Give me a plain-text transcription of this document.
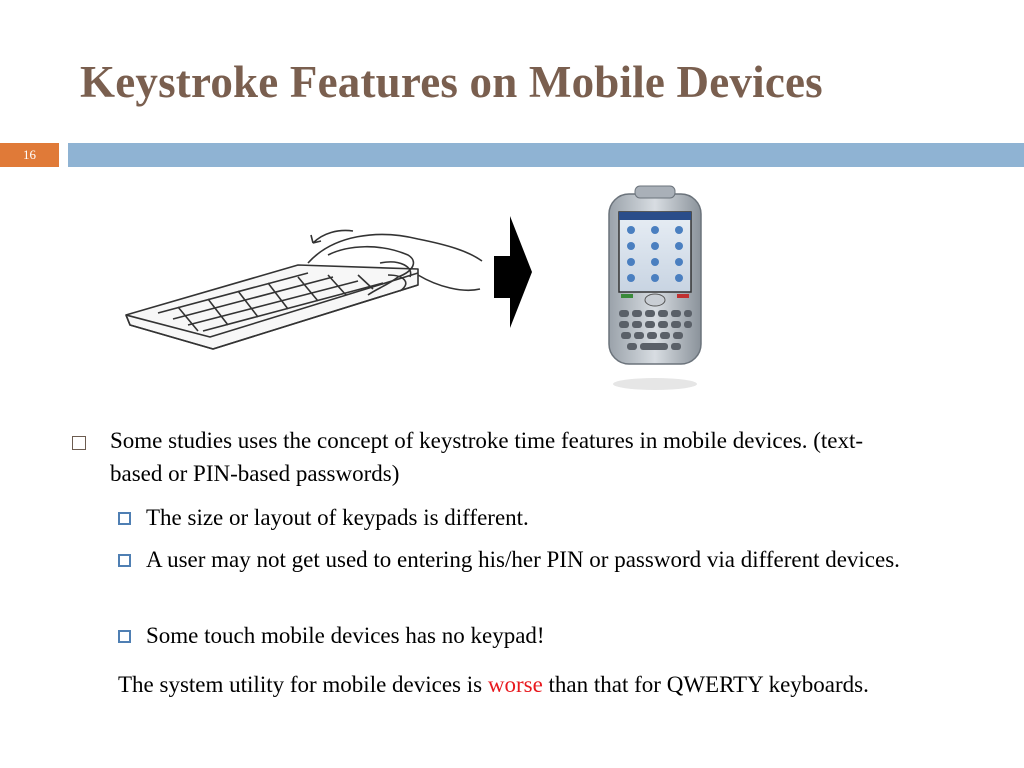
Keystroke Features on Mobile Devices
16
Some studies uses the concept of keystroke time features in mobile devices. (text-based or PIN-based passwords)
The size or layout of keypads is different.
A user may not get used to entering his/her PIN or password via different devices.
Some touch mobile devices has no keypad!
The system utility for mobile devices is worse than that for QWERTY keyboards.
